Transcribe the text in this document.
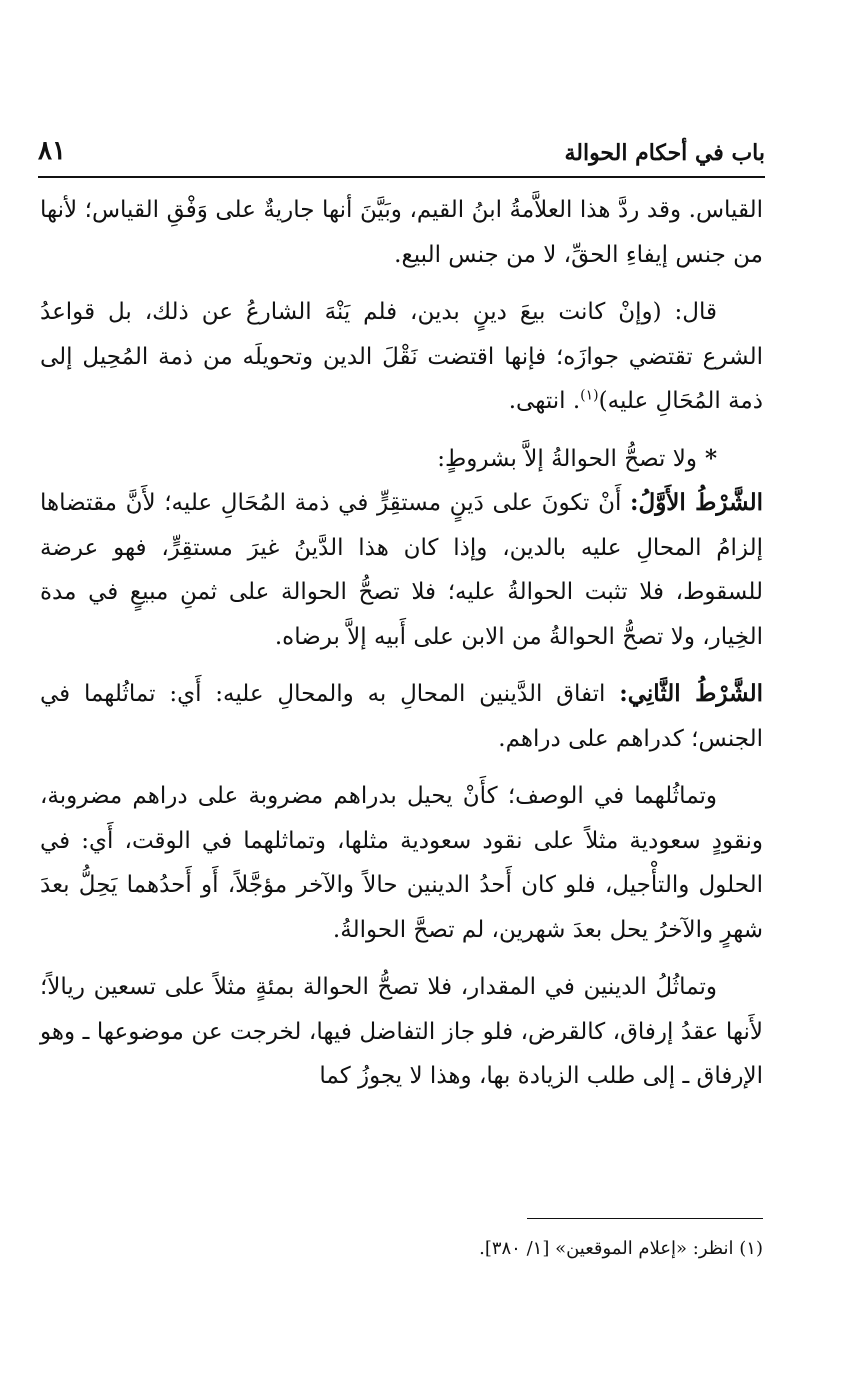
باب في أحكام الحوالة
٨١

القياس. وقد ردَّ هذا العلاَّمةُ ابنُ القيم، وبَيَّنَ أنها جاريةٌ على وَفْقِ القياس؛ لأنها من جنس إيفاءِ الحقِّ، لا من جنس البيع.

قال: (وإنْ كانت بيعَ دينٍ بدين، فلم يَنْهَ الشارعُ عن ذلك، بل قواعدُ الشرع تقتضي جوازَه؛ فإنها اقتضت نَقْلَ الدين وتحويلَه من ذمة المُحِيل إلى ذمة المُحَالِ عليه)$^{(١)}$. انتهى.

*ولا تصحُّ الحوالةُ إلاَّ بشروطٍ:

الشَّرْطُ الأَوَّلُ: أَنْ تكونَ على دَينٍ مستقِرٍّ في ذمة المُحَالِ عليه؛ لأَنَّ مقتضاها إلزامُ المحالِ عليه بالدين، وإذا كان هذا الدَّينُ غيرَ مستقِرٍّ، فهو عرضة للسقوط، فلا تثبت الحوالةُ عليه؛ فلا تصحُّ الحوالة على ثمنِ مبيعٍ في مدة الخِيار، ولا تصحُّ الحوالةُ من الابن على أَبيه إلاَّ برضاه.

الشَّرْطُ الثَّانِي: اتفاق الدَّينين المحالِ به والمحالِ عليه: أَي: تماثُلهما في الجنس؛ كدراهم على دراهم.

وتماثُلهما في الوصف؛ كأَنْ يحيل بدراهم مضروبة على دراهم مضروبة، ونقودٍ سعودية مثلاً على نقود سعودية مثلها، وتماثلهما في الوقت، أَي: في الحلول والتأْجيل، فلو كان أَحدُ الدينين حالاً والآخر مؤجَّلاً، أَو أَحدُهما يَحِلُّ بعدَ شهرٍ والآخرُ يحل بعدَ شهرين، لم تصحَّ الحوالةُ.

وتماثُلُ الدينين في المقدار، فلا تصحُّ الحوالة بمئةٍ مثلاً على تسعين ريالاً؛ لأَنها عقدُ إرفاق، كالقرض، فلو جاز التفاضل فيها، لخرجت عن موضوعها ـ وهو الإرفاق ـ إلى طلب الزيادة بها، وهذا لا يجوزُ كما

(١) انظر: «إعلام الموقعين» [١/ ٣٨٠].
